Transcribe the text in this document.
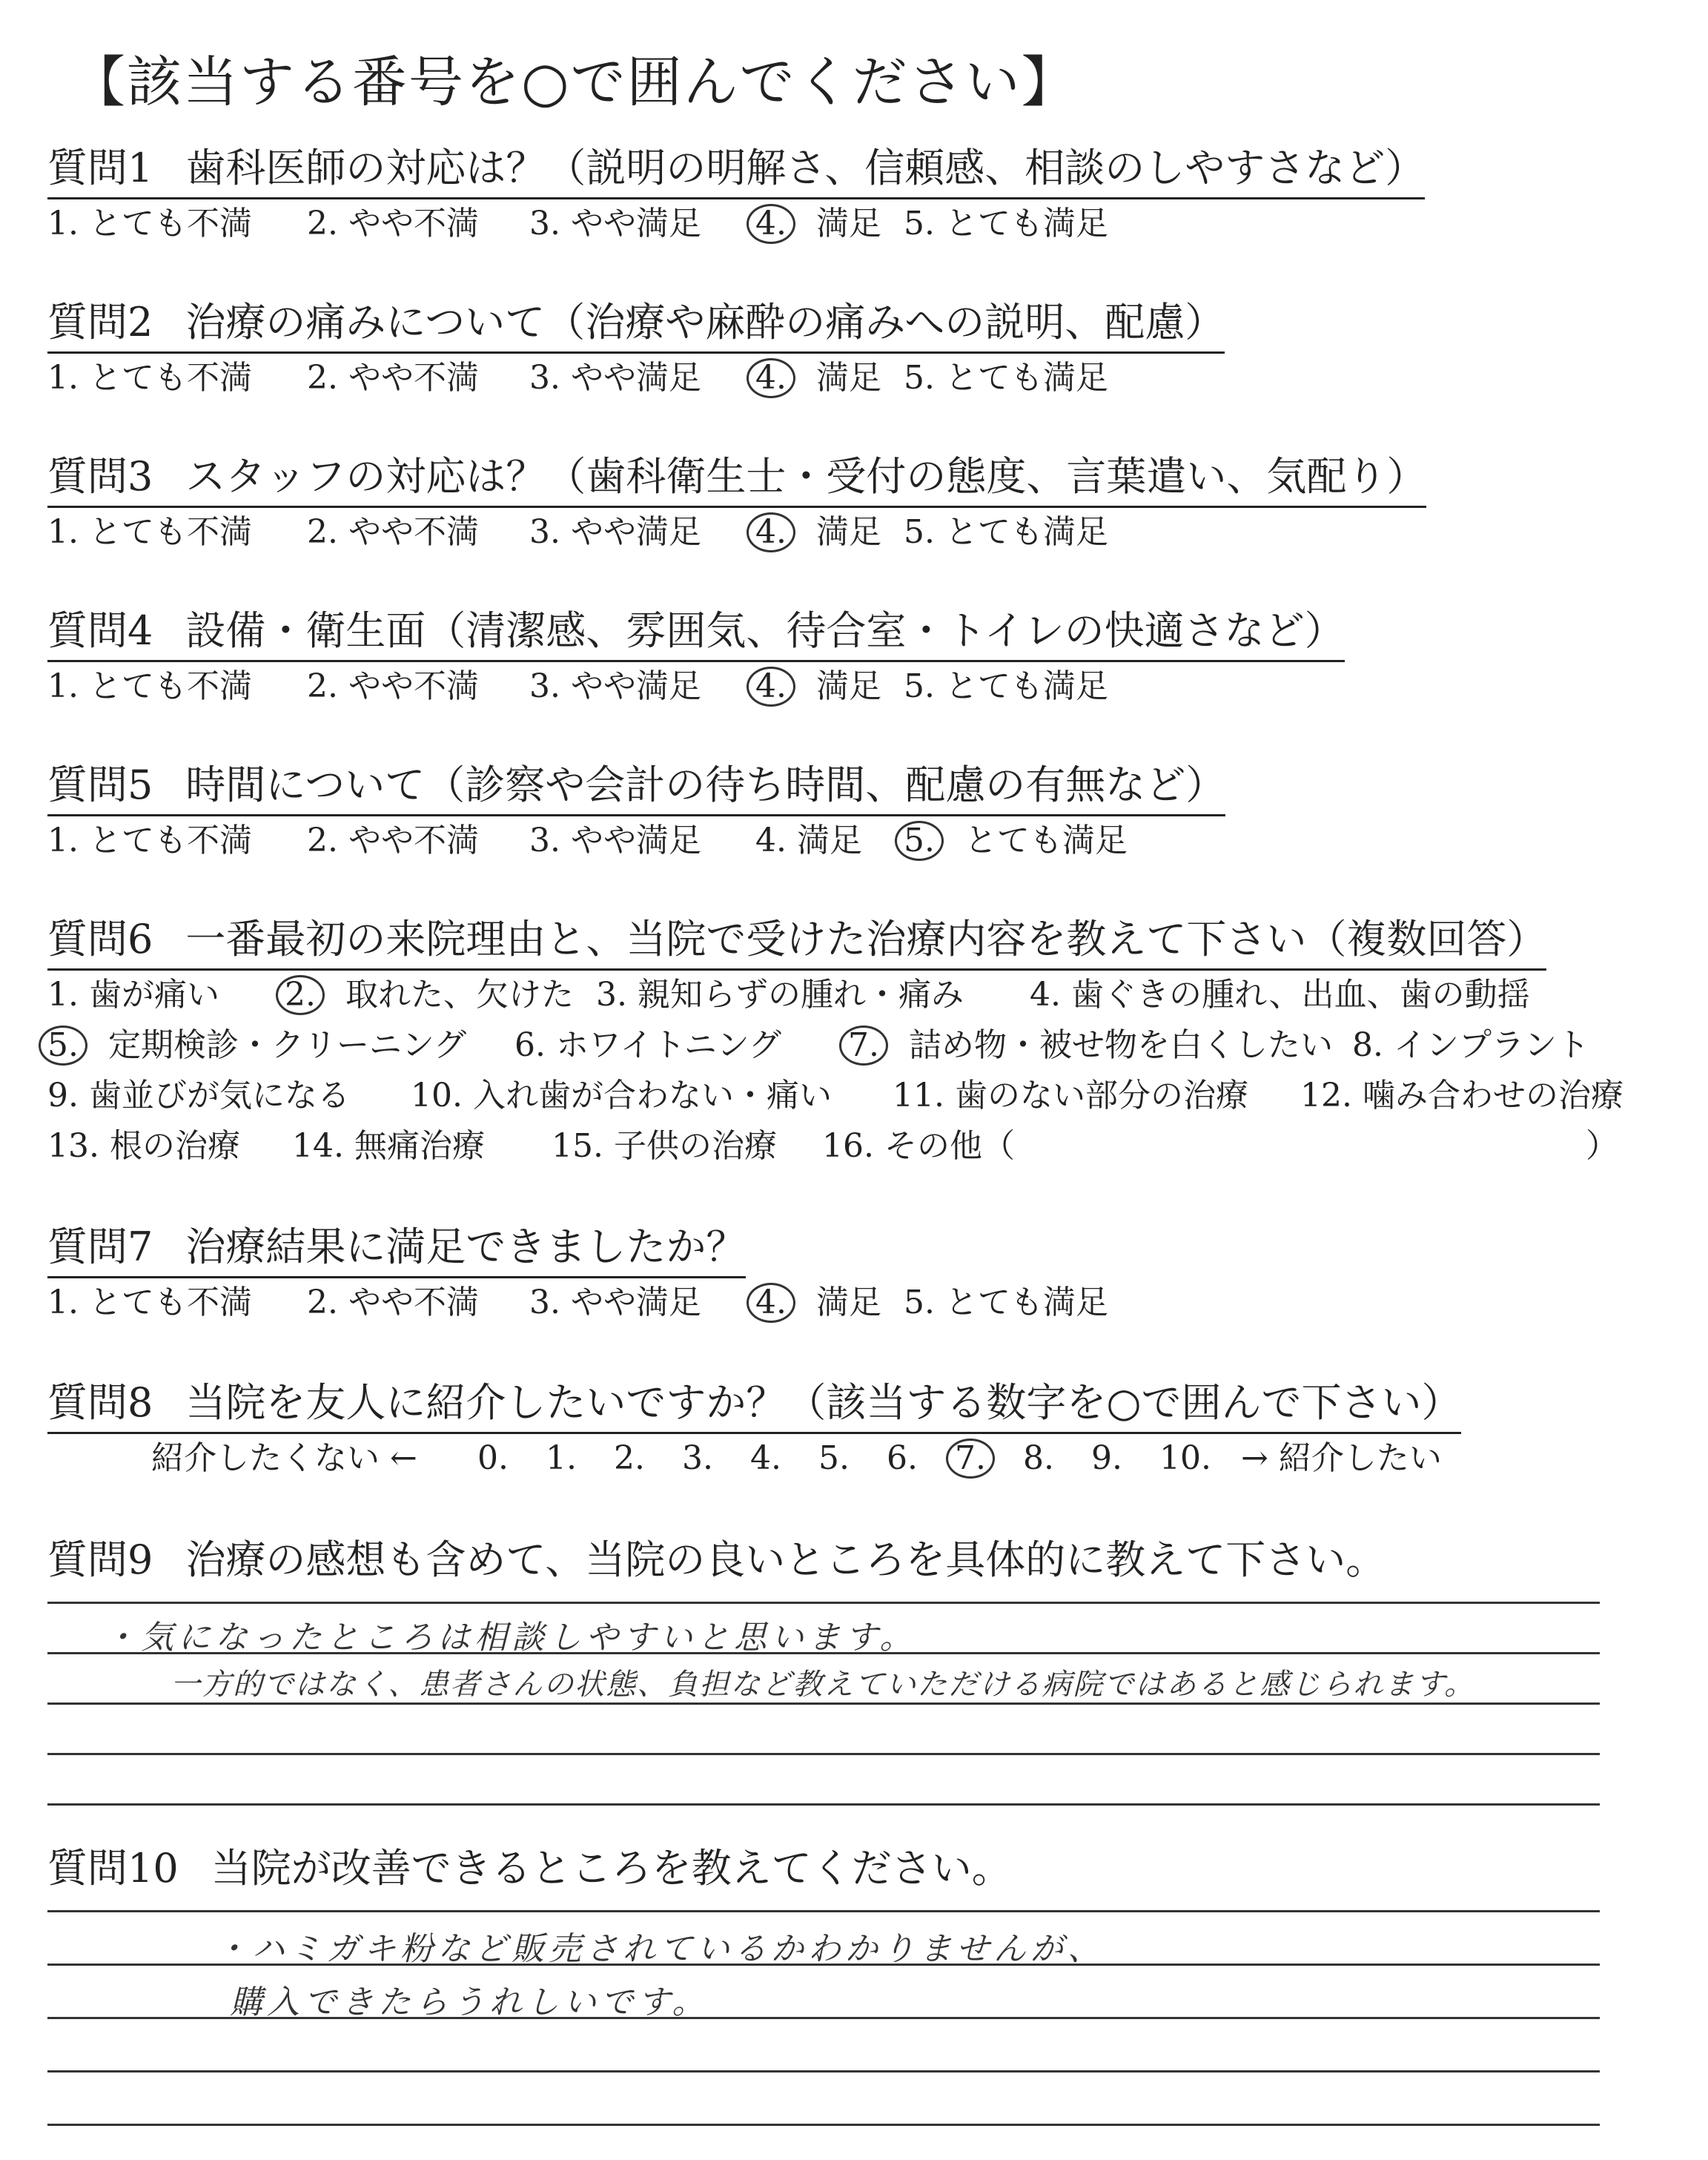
【該当する番号を○で囲んでください】
質問1 歯科医師の対応は？（説明の明解さ、信頼感、相談のしやすさなど）
1. とても不満 2. やや不満 3. やや満足 4. 満足 5. とても満足
質問2 治療の痛みについて（治療や麻酔の痛みへの説明、配慮）
1. とても不満 2. やや不満 3. やや満足 4. 満足 5. とても満足
質問3 スタッフの対応は？（歯科衛生士・受付の態度、言葉遣い、気配り）
1. とても不満 2. やや不満 3. やや満足 4. 満足 5. とても満足
質問4 設備・衛生面（清潔感、雰囲気、待合室・トイレの快適さなど）
1. とても不満 2. やや不満 3. やや満足 4. 満足 5. とても満足
質問5 時間について（診察や会計の待ち時間、配慮の有無など）
1. とても不満 2. やや不満 3. やや満足 4. 満足 5. とても満足
質問6 一番最初の来院理由と、当院で受けた治療内容を教えて下さい（複数回答）
1. 歯が痛い 2. 取れた、欠けた 3. 親知らずの腫れ・痛み 4. 歯ぐきの腫れ、出血、歯の動揺
5. 定期検診・クリーニング 6. ホワイトニング 7. 詰め物・被せ物を白くしたい 8. インプラント
9. 歯並びが気になる 10. 入れ歯が合わない・痛い 11. 歯のない部分の治療 12. 噛み合わせの治療
13. 根の治療 14. 無痛治療 15. 子供の治療 16. その他（	）
質問7 治療結果に満足できましたか？
1. とても不満 2. やや不満 3. やや満足 4. 満足 5. とても満足
質問8 当院を友人に紹介したいですか？（該当する数字を○で囲んで下さい）
紹介したくない ← 0. 1. 2. 3. 4. 5. 6. 7.	8. 9. 10. → 紹介したい
質問9 治療の感想も含めて、当院の良いところを具体的に教えて下さい。
・気になったところは相談しやすいと思います。
一方的ではなく、患者さんの状態、負担など教えていただける病院ではあると感じられます。
質問10 当院が改善できるところを教えてください。
・ハミガキ粉など販売されているかわかりませんが、
購入できたらうれしいです。
